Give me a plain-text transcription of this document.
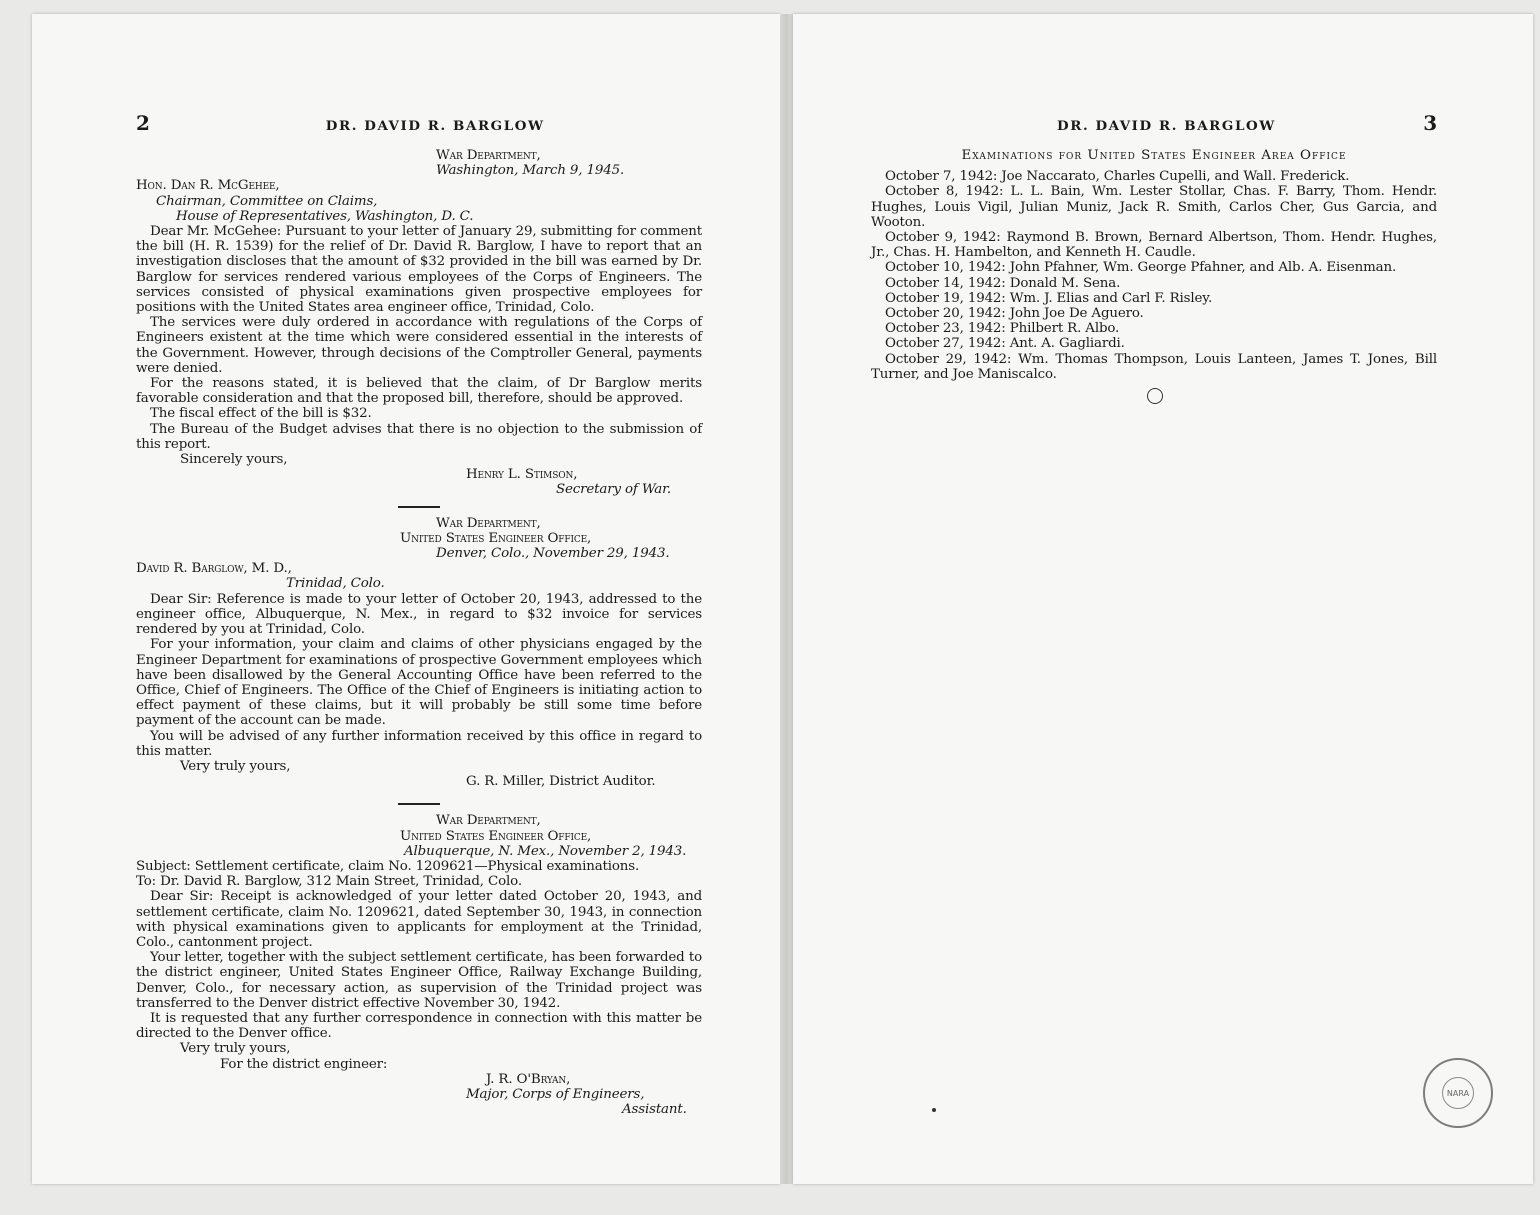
2	DR. DAVID R. BARGLOW

War Department,

Washington, March 9, 1945.

Hon. Dan R. McGehee,

Chairman, Committee on Claims,

House of Representatives, Washington, D. C.

Dear Mr. McGehee: Pursuant to your letter of January 29, submitting for comment the bill (H. R. 1539) for the relief of Dr. David R. Barglow, I have to report that an investigation discloses that the amount of $32 provided in the bill was earned by Dr. Barglow for services rendered various employees of the Corps of Engineers. The services consisted of physical examinations given prospective employees for positions with the United States area engineer office, Trinidad, Colo.

The services were duly ordered in accordance with regulations of the Corps of Engineers existent at the time which were considered essential in the interests of the Government. However, through decisions of the Comptroller General, payments were denied.

For the reasons stated, it is believed that the claim, of Dr Barglow merits favorable consideration and that the proposed bill, therefore, should be approved.

The fiscal effect of the bill is $32.

The Bureau of the Budget advises that there is no objection to the submission of this report.

Sincerely yours,

Henry L. Stimson,

Secretary of War.

War Department,

United States Engineer Office,

Denver, Colo., November 29, 1943.

David R. Barglow, M. D.,

Trinidad, Colo.

Dear Sir: Reference is made to your letter of October 20, 1943, addressed to the engineer office, Albuquerque, N. Mex., in regard to $32 invoice for services rendered by you at Trinidad, Colo.

For your information, your claim and claims of other physicians engaged by the Engineer Department for examinations of prospective Government employees which have been disallowed by the General Accounting Office have been referred to the Office, Chief of Engineers. The Office of the Chief of Engineers is initiating action to effect payment of these claims, but it will probably be still some time before payment of the account can be made.

You will be advised of any further information received by this office in regard to this matter.

Very truly yours,

G. R. Miller, District Auditor.

War Department,

United States Engineer Office,

Albuquerque, N. Mex., November 2, 1943.

Subject: Settlement certificate, claim No. 1209621—Physical examinations.

To: Dr. David R. Barglow, 312 Main Street, Trinidad, Colo.

Dear Sir: Receipt is acknowledged of your letter dated October 20, 1943, and settlement certificate, claim No. 1209621, dated September 30, 1943, in connection with physical examinations given to applicants for employment at the Trinidad, Colo., cantonment project.

Your letter, together with the subject settlement certificate, has been forwarded to the district engineer, United States Engineer Office, Railway Exchange Building, Denver, Colo., for necessary action, as supervision of the Trinidad project was transferred to the Denver district effective November 30, 1942.

It is requested that any further correspondence in connection with this matter be directed to the Denver office.

Very truly yours,

For the district engineer:

J. R. O'Bryan,

Major, Corps of Engineers,

Assistant.

DR. DAVID R. BARGLOW	3

Examinations for United States Engineer Area Office

October 7, 1942: Joe Naccarato, Charles Cupelli, and Wall. Frederick.

October 8, 1942: L. L. Bain, Wm. Lester Stollar, Chas. F. Barry, Thom. Hendr. Hughes, Louis Vigil, Julian Muniz, Jack R. Smith, Carlos Cher, Gus Garcia, and Wooton.

October 9, 1942: Raymond B. Brown, Bernard Albertson, Thom. Hendr. Hughes, Jr., Chas. H. Hambelton, and Kenneth H. Caudle.

October 10, 1942: John Pfahner, Wm. George Pfahner, and Alb. A. Eisenman.

October 14, 1942: Donald M. Sena.

October 19, 1942: Wm. J. Elias and Carl F. Risley.

October 20, 1942: John Joe De Aguero.

October 23, 1942: Philbert R. Albo.

October 27, 1942: Ant. A. Gagliardi.

October 29, 1942: Wm. Thomas Thompson, Louis Lanteen, James T. Jones, Bill Turner, and Joe Maniscalco.

NARA
